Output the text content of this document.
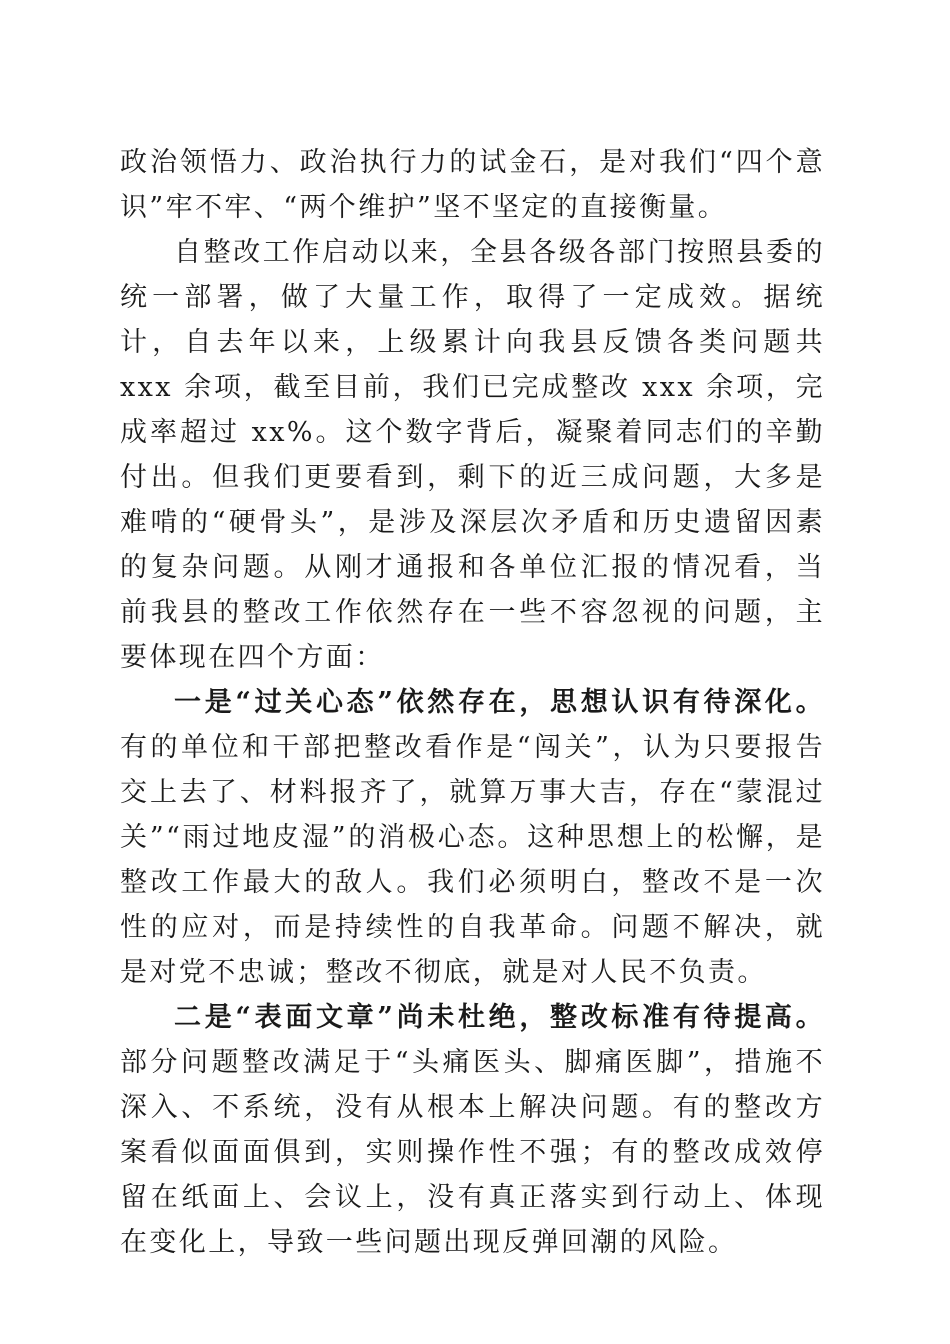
政治领悟力、政治执行力的试金石，是对我们“四个意识”牢不牢、“两个维护”坚不坚定的直接衡量。

自整改工作启动以来，全县各级各部门按照县委的统一部署，做了大量工作，取得了一定成效。据统计，自去年以来，上级累计向我县反馈各类问题共 xxx 余项，截至目前，我们已完成整改 xxx 余项，完成率超过 xx%。这个数字背后，凝聚着同志们的辛勤付出。但我们更要看到，剩下的近三成问题，大多是难啃的“硬骨头”，是涉及深层次矛盾和历史遗留因素的复杂问题。从刚才通报和各单位汇报的情况看，当前我县的整改工作依然存在一些不容忽视的问题，主要体现在四个方面：

一是“过关心态”依然存在，思想认识有待深化。有的单位和干部把整改看作是“闯关”，认为只要报告交上去了、材料报齐了，就算万事大吉，存在“蒙混过关”“雨过地皮湿”的消极心态。这种思想上的松懈，是整改工作最大的敌人。我们必须明白，整改不是一次性的应对，而是持续性的自我革命。问题不解决，就是对党不忠诚；整改不彻底，就是对人民不负责。

二是“表面文章”尚未杜绝，整改标准有待提高。部分问题整改满足于“头痛医头、脚痛医脚”，措施不深入、不系统，没有从根本上解决问题。有的整改方案看似面面俱到，实则操作性不强；有的整改成效停留在纸面上、会议上，没有真正落实到行动上、体现在变化上，导致一些问题出现反弹回潮的风险。
